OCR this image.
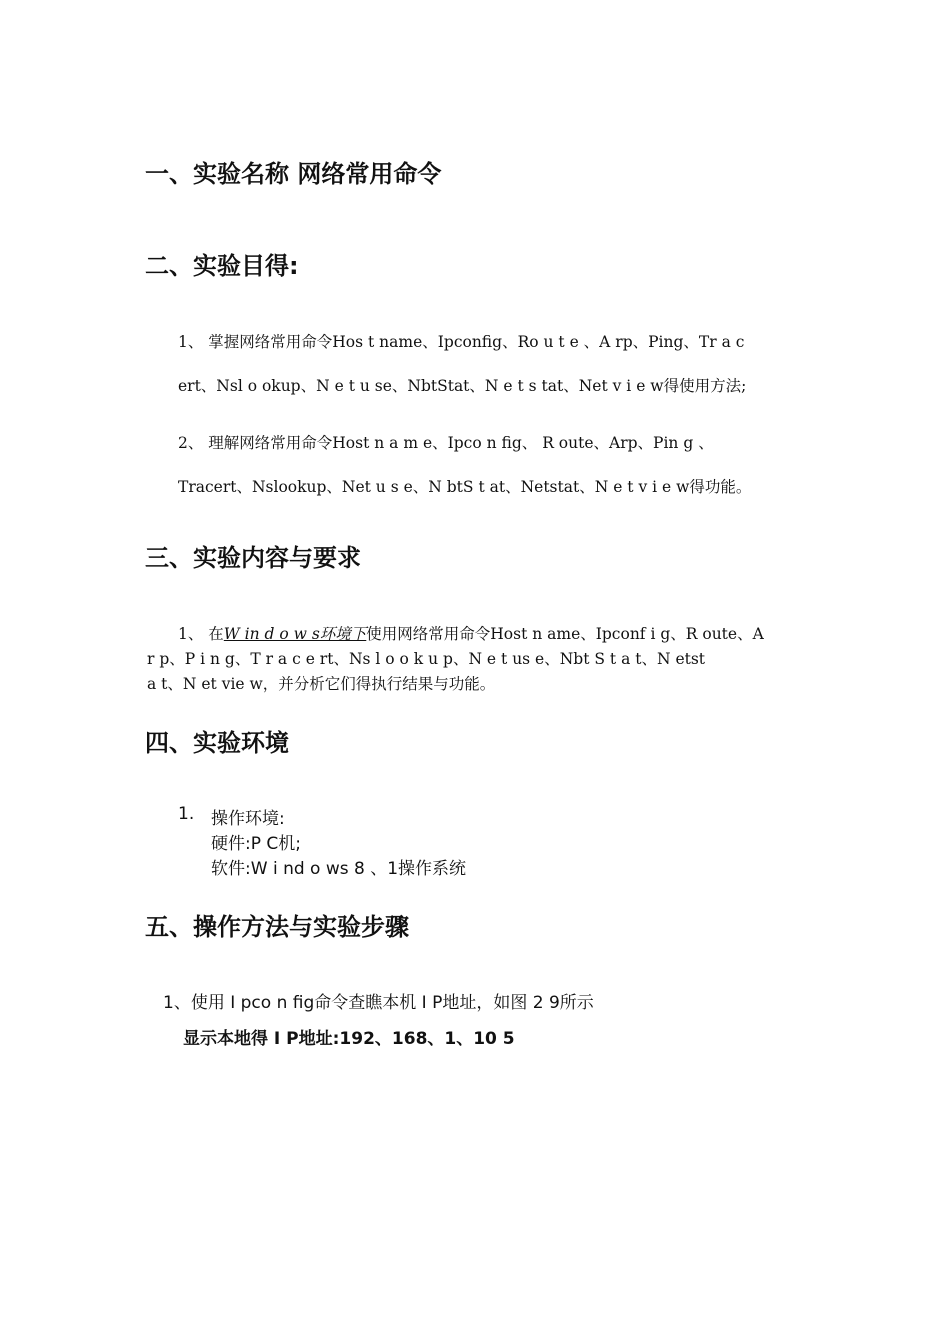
一、实验名称 网络常用命令
二、实验目得:
1、 掌握网络常用命令Hos t name、Ipconfig、Ro u t e 、A rp、Ping、Tr a c
ert、Nsl o okup、N e t u se、NbtStat、N e t s tat、Net v i e w得使用方法;
2、 理解网络常用命令Host n a m e、Ipco n fig、 R oute、Arp、Pin g 、
Tracert、Nslookup、Net u s e、N btS t at、Netstat、N e t v i e w得功能。
三、实验内容与要求
1、 在W in d o w s环境下使用网络常用命令Host n ame、Ipconf i g、R oute、A
r p、P i n g、T r a c e rt、Ns l o o k u p、N e t us e、Nbt S t a t、N etst
a t、N et vie w，并分析它们得执行结果与功能。
四、实验环境
1. 操作环境:
硬件:P C机;
软件:W i nd o ws 8 、1操作系统
五、操作方法与实验步骤
1、使用 I pco n fig命令查瞧本机 I P地址，如图 2 9所示
显示本地得 I P地址:192、168、1、10 5
